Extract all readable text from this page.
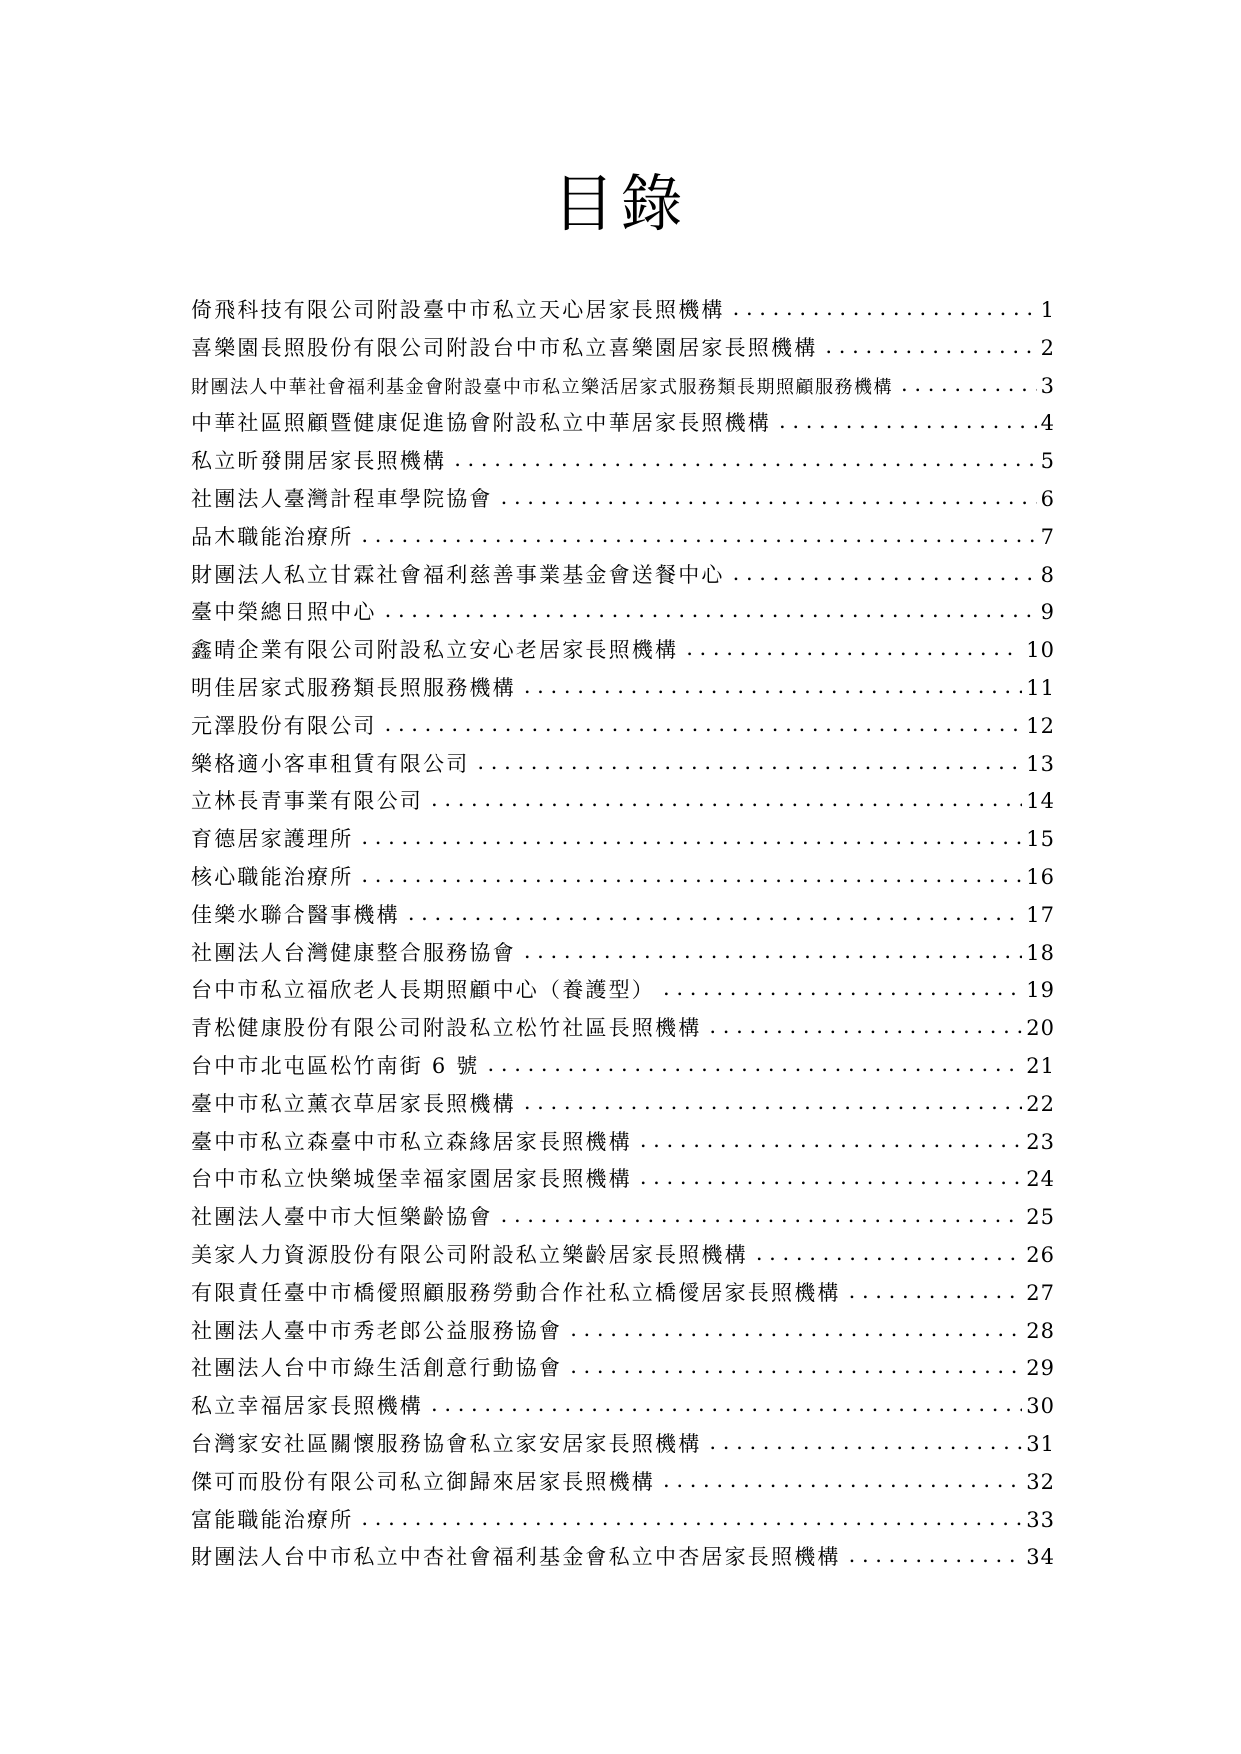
目錄
倚飛科技有限公司附設臺中市私立天心居家長照機構 . . .	1
喜樂園長照股份有限公司附設台中市私立喜樂園居家長照機構 . . .	2
財團法人中華社會福利基金會附設臺中市私立樂活居家式服務類長期照顧服務機構 . . .	3
中華社區照顧暨健康促進協會附設私立中華居家長照機構 . . .	4
私立昕發開居家長照機構 . . .	5
社團法人臺灣計程車學院協會 . . .	6
品木職能治療所 . . .	7
財團法人私立甘霖社會福利慈善事業基金會送餐中心 . . .	8
臺中榮總日照中心 . . .	9
鑫晴企業有限公司附設私立安心老居家長照機構 . . .	10
明佳居家式服務類長照服務機構 . . .	11
元澤股份有限公司 . . .	12
樂格適小客車租賃有限公司 . . .	13
立林長青事業有限公司 . . .	14
育德居家護理所 . . .	15
核心職能治療所 . . .	16
佳樂水聯合醫事機構 . . .	17
社團法人台灣健康整合服務協會 . . .	18
台中市私立福欣老人長期照顧中心（養護型） . . .	19
青松健康股份有限公司附設私立松竹社區長照機構 . . .	20
台中市北屯區松竹南街 6 號 . . .	21
臺中市私立薰衣草居家長照機構 . . .	22
臺中市私立森臺中市私立森緣居家長照機構 . . .	23
台中市私立快樂城堡幸福家園居家長照機構 . . .	24
社團法人臺中市大恒樂齡協會 . . .	25
美家人力資源股份有限公司附設私立樂齡居家長照機構 . . .	26
有限責任臺中市橋僾照顧服務勞動合作社私立橋僾居家長照機構 . . .	27
社團法人臺中市秀老郎公益服務協會 . . .	28
社團法人台中市綠生活創意行動協會 . . .	29
私立幸福居家長照機構 . . .	30
台灣家安社區關懷服務協會私立家安居家長照機構 . . .	31
傑可而股份有限公司私立御歸來居家長照機構 . . .	32
富能職能治療所 . . .	33
財團法人台中市私立中杏社會福利基金會私立中杏居家長照機構 . . .	34
